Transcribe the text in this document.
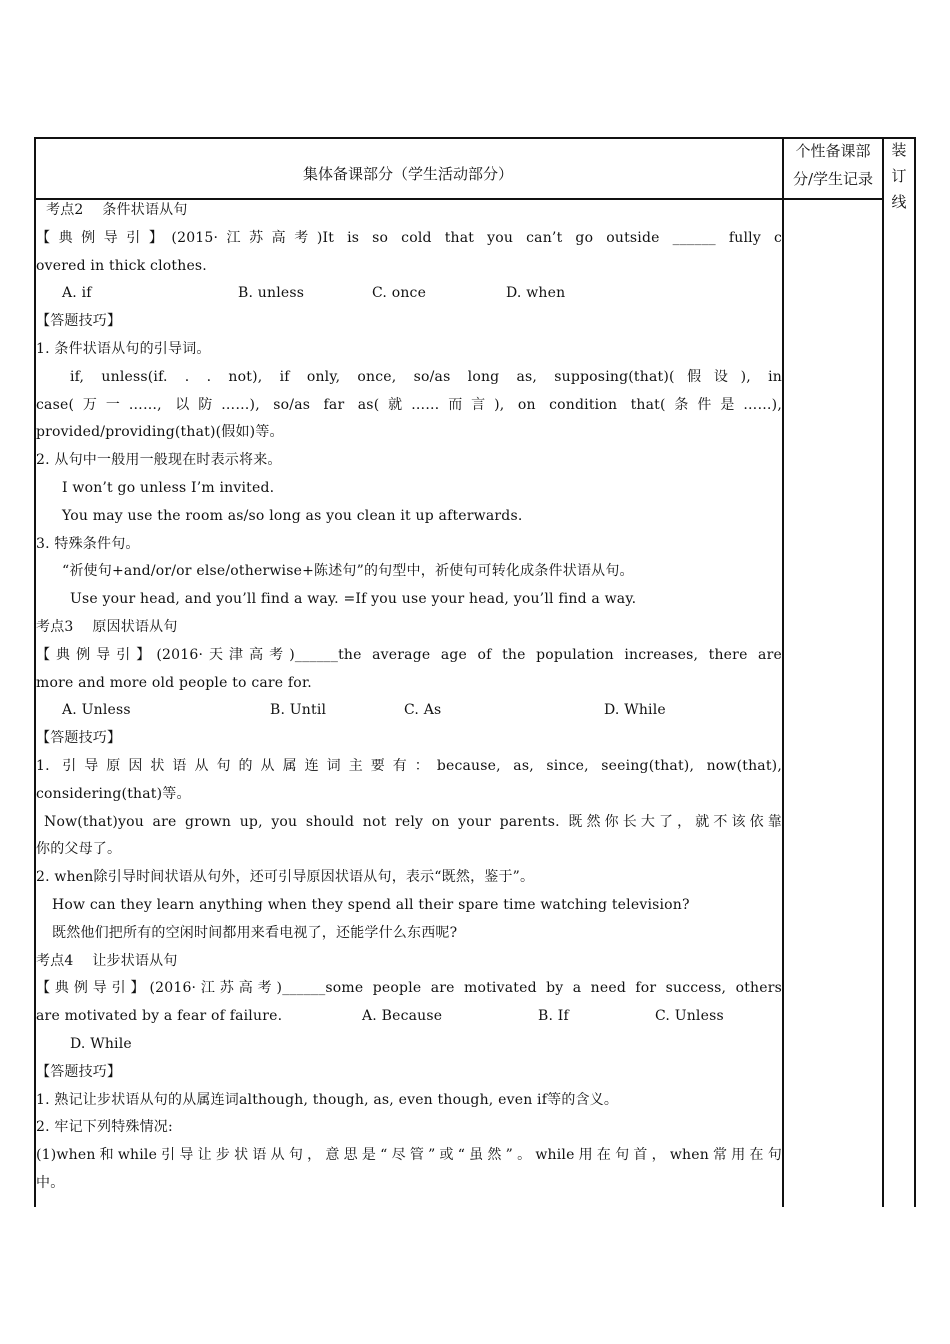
集体备课部分（学生活动部分）
个性备课部
分/学生记录
装
订
线
考点2　 条件状语从句
【典例导引】(2015·江苏高考)It is so cold that you can’t go outside ______ fully c
overed in thick clothes.
A. if	B. unless	C. once	D. when
【答题技巧】
1. 条件状语从句的引导词。
if, unless(if. . . not), if only, once, so/as long as, supposing(that)(假设), in
case(万一……, 以防……), so/as far as(就……而言), on condition that(条件是……),
provided/providing(that)(假如)等。
2. 从句中一般用一般现在时表示将来。
I won’t go unless I’m invited.
You may use the room as/so long as you clean it up afterwards.
3. 特殊条件句。
“祈使句+and/or/or else/otherwise+陈述句”的句型中，祈使句可转化成条件状语从句。
Use your head, and you’ll find a way. =If you use your head, you’ll find a way.
考点3　 原因状语从句
【典例导引】(2016·天津高考)______the average age of the population increases, there are
more and more old people to care for.
A. Unless	B. Until	C. As	D. While
【答题技巧】
1. 引导原因状语从句的从属连词主要有：because, as, since, seeing(that), now(that),
considering(that)等。
Now(that)you are grown up, you should not rely on your parents. 既然你长大了，就不该依靠
你的父母了。
2. when除引导时间状语从句外，还可引导原因状语从句，表示“既然，鉴于”。
How can they learn anything when they spend all their spare time watching television?
既然他们把所有的空闲时间都用来看电视了，还能学什么东西呢?
考点4　 让步状语从句
【典例导引】(2016·江苏高考)______some people are motivated by a need for success, others
are motivated by a fear of failure.	A. Because	B. If	C. Unless
D. While
【答题技巧】
1. 熟记让步状语从句的从属连词although, though, as, even though, even if等的含义。
2. 牢记下列特殊情况:
(1)when和while引导让步状语从句，意思是“尽管”或“虽然”。while用在句首，when常用在句
中。
